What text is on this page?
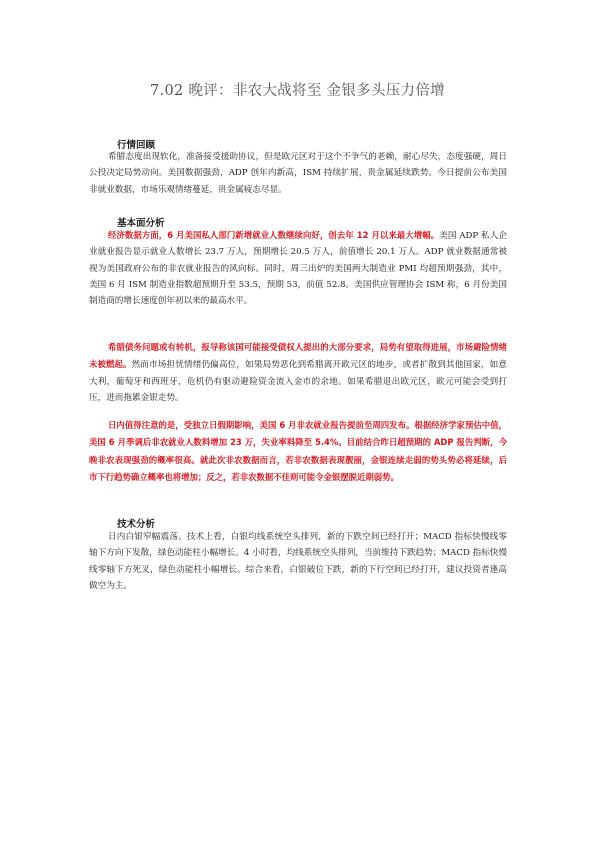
7.02 晚评：非农大战将至 金银多头压力倍增
行情回顾
希腊态度出现软化，准备接受援助协议，但是欧元区对于这个不争气的老赖，耐心尽失，态度强硬，周日公投决定局势动向。美国数据强劲，ADP 创年内新高，ISM 持续扩展，贵金属延续跌势。今日提前公布美国非就业数据，市场乐观情绪蔓延，贵金属疲态尽显。
基本面分析
经济数据方面，6 月美国私人部门新增就业人数继续向好，创去年 12 月以来最大增幅。美国 ADP 私人企业就业报告显示就业人数增长 23.7 万人，预期增长 20.5 万人，前值增长 20.1 万人。ADP 就业数据通常被视为美国政府公布的非农就业报告的风向标。同时，周三出炉的美国两大制造业 PMI 均超预期强劲，其中，美国 6 月 ISM 制造业指数超预期升至 53.5，预期 53，前值 52.8。美国供应管理协会 ISM 称，6 月份美国制造商的增长速度创年初以来的最高水平。
希腊债务问题或有转机，报导称该国可能接受债权人提出的大部分要求，局势有望取得进展，市场避险情绪未被燃起。然而市场担忧情绪仍偏高位，如果局势恶化到希腊离开欧元区的地步，或者扩散到其他国家，如意大利，葡萄牙和西班牙，危机仍有驱动避险资金流入金市的余地。如果希腊退出欧元区，欧元可能会受到打压，进而拖累金银走势。
日内值得注意的是，受独立日假期影响，美国 6 月非农就业报告提前至周四发布。根据经济学家预估中值，美国 6 月季调后非农就业人数料增加 23 万，失业率料降至 5.4%。目前结合昨日超预期的 ADP 报告判断，今晚非农表现强劲的概率很高。就此次非农数据而言，若非农数据表现靓丽，金银连续走弱的势头势必将延续，后市下行趋势确立概率也将增加；反之，若非农数据不佳则可能令金银摆脱近期弱势。
技术分析
日内白银窄幅震荡。技术上看，白银均线系统空头排列，新的下跌空间已经打开；MACD 指标快慢线零轴下方向下发散，绿色动能柱小幅增长。4 小时看，均线系统空头排列，当前维持下跌趋势；MACD 指标快慢线零轴下方死叉，绿色动能柱小幅增长。综合来看，白银破位下跌，新的下行空间已经打开，建议投资者逢高做空为主。
